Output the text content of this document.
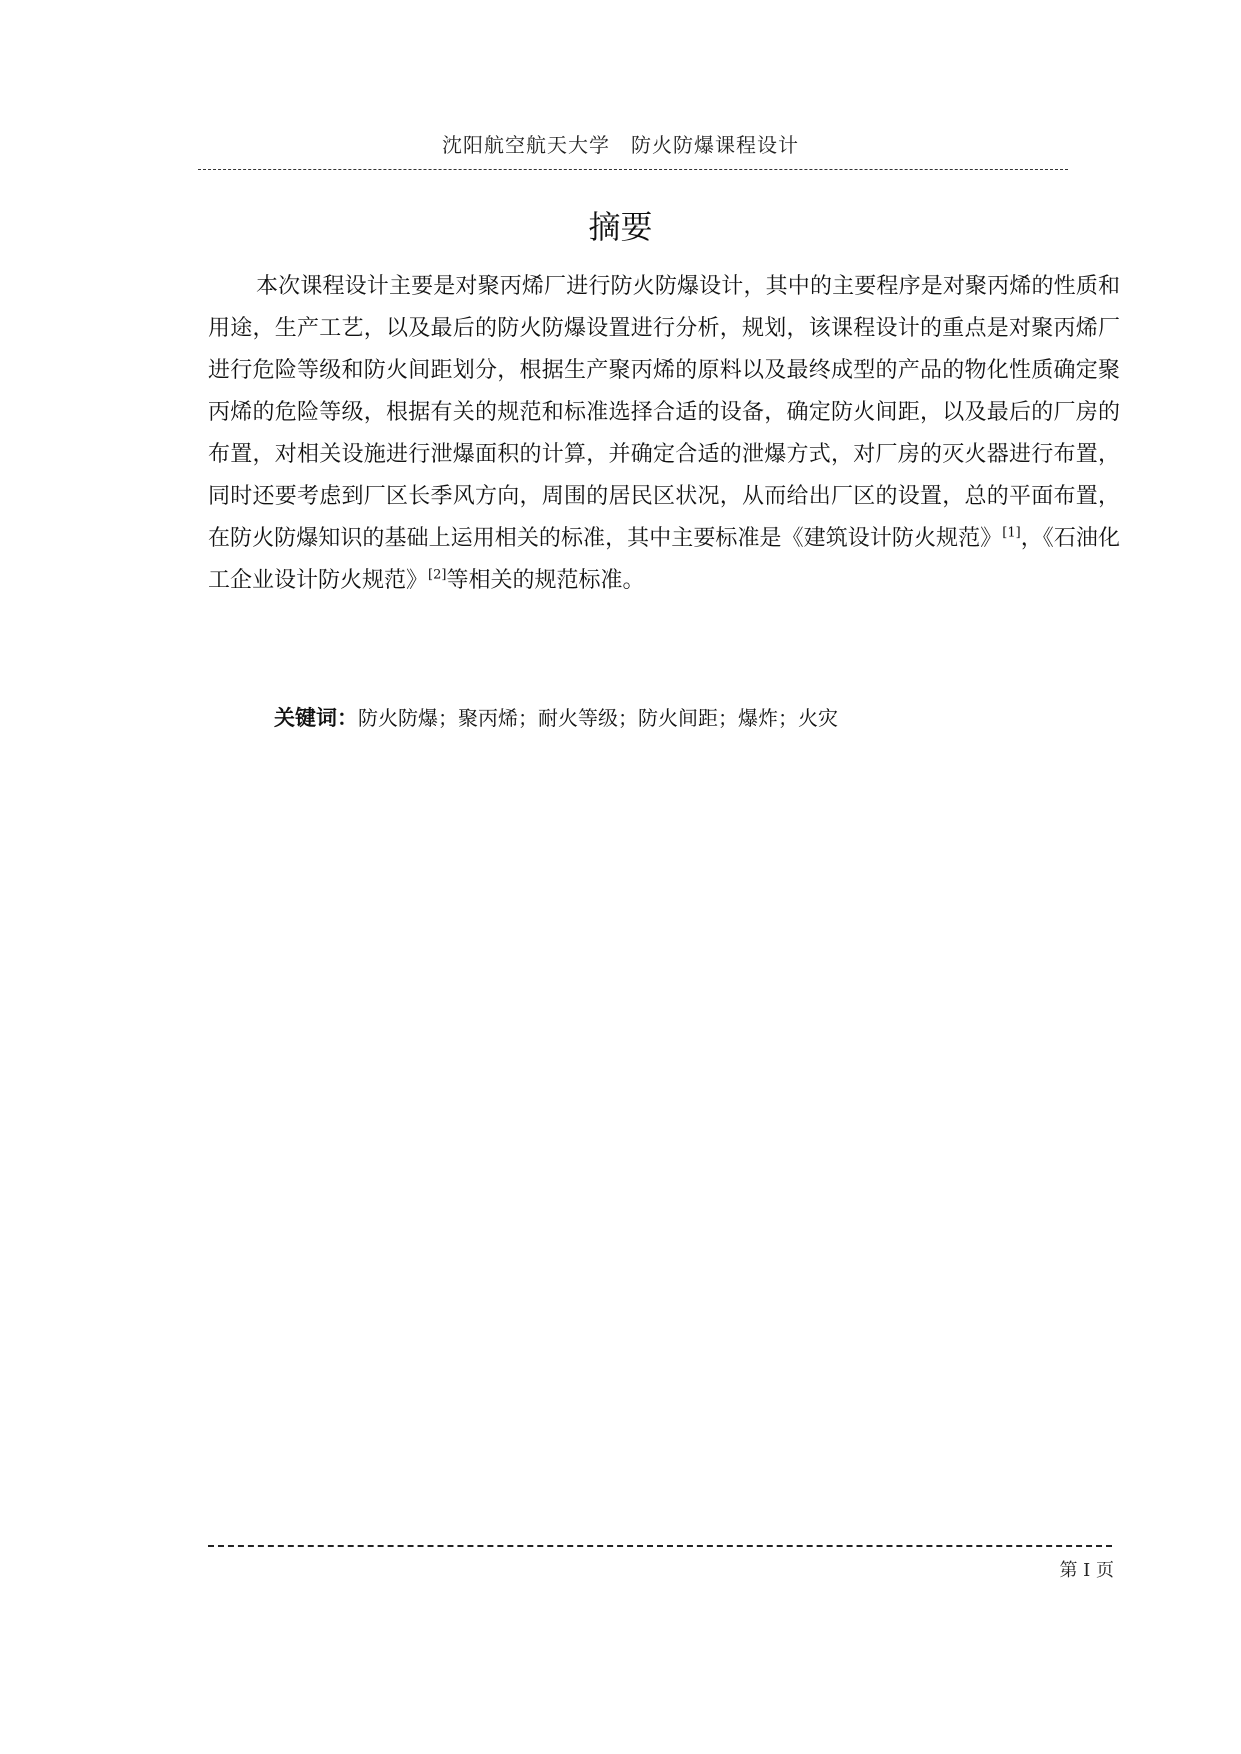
沈阳航空航天大学　防火防爆课程设计
摘要
本次课程设计主要是对聚丙烯厂进行防火防爆设计，其中的主要程序是对聚丙烯的性质和用途，生产工艺，以及最后的防火防爆设置进行分析，规划，该课程设计的重点是对聚丙烯厂进行危险等级和防火间距划分，根据生产聚丙烯的原料以及最终成型的产品的物化性质确定聚丙烯的危险等级，根据有关的规范和标准选择合适的设备，确定防火间距，以及最后的厂房的布置，对相关设施进行泄爆面积的计算，并确定合适的泄爆方式，对厂房的灭火器进行布置，同时还要考虑到厂区长季风方向，周围的居民区状况，从而给出厂区的设置，总的平面布置，在防火防爆知识的基础上运用相关的标准，其中主要标准是《建筑设计防火规范》[1]，《石油化工企业设计防火规范》[2]等相关的规范标准。
关键词：防火防爆；聚丙烯；耐火等级；防火间距；爆炸；火灾
第 I 页
